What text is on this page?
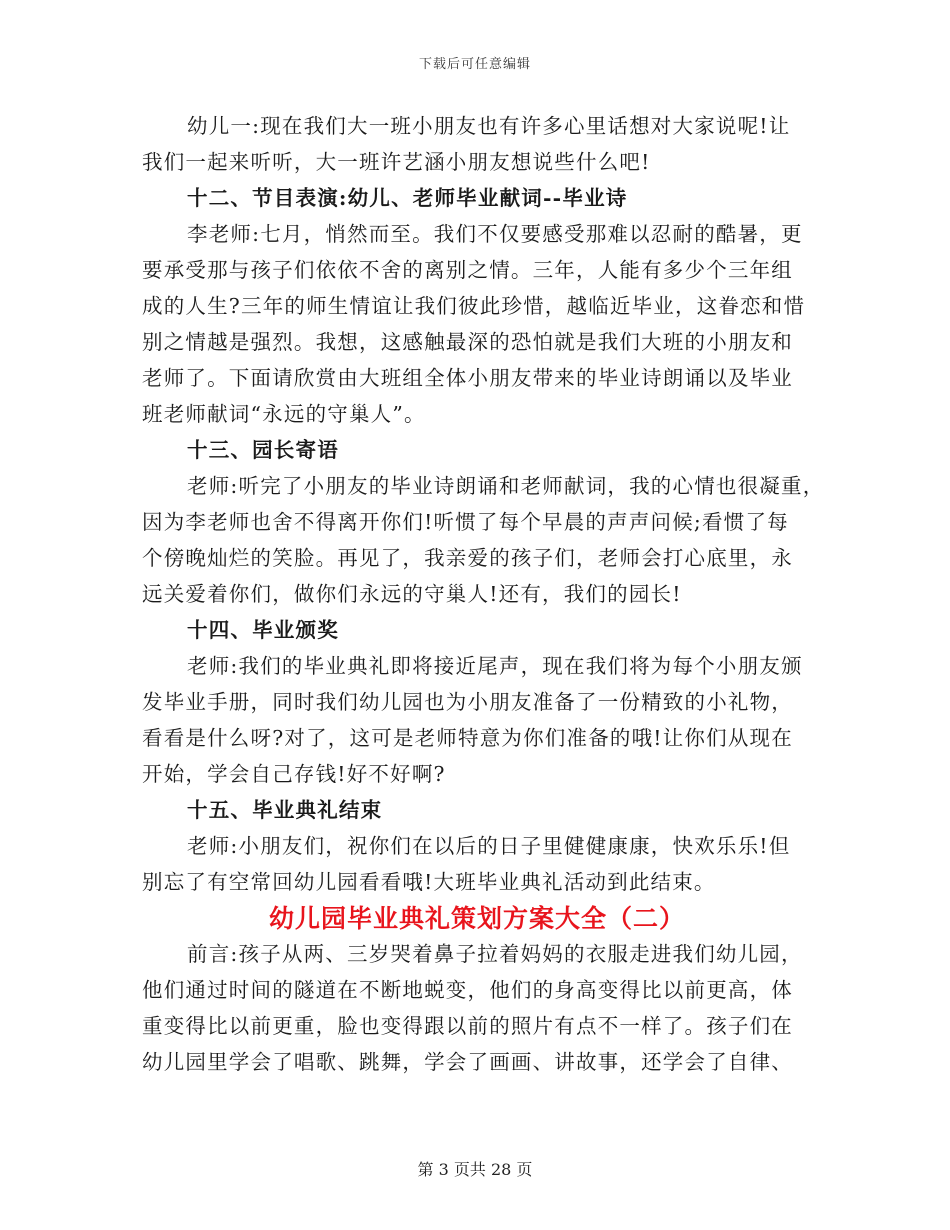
下载后可任意编辑
幼儿一:现在我们大一班小朋友也有许多心里话想对大家说呢!让
我们一起来听听，大一班许艺涵小朋友想说些什么吧!
十二、节目表演:幼儿、老师毕业献词--毕业诗
李老师:七月，悄然而至。我们不仅要感受那难以忍耐的酷暑，更
要承受那与孩子们依依不舍的离别之情。三年，人能有多少个三年组
成的人生?三年的师生情谊让我们彼此珍惜，越临近毕业，这眷恋和惜
别之情越是强烈。我想，这感触最深的恐怕就是我们大班的小朋友和
老师了。下面请欣赏由大班组全体小朋友带来的毕业诗朗诵以及毕业
班老师献词“永远的守巢人”。
十三、园长寄语
老师:听完了小朋友的毕业诗朗诵和老师献词，我的心情也很凝重，
因为李老师也舍不得离开你们!听惯了每个早晨的声声问候;看惯了每
个傍晚灿烂的笑脸。再见了，我亲爱的孩子们，老师会打心底里，永
远关爱着你们，做你们永远的守巢人!还有，我们的园长!
十四、毕业颁奖
老师:我们的毕业典礼即将接近尾声，现在我们将为每个小朋友颁
发毕业手册，同时我们幼儿园也为小朋友准备了一份精致的小礼物，
看看是什么呀?对了，这可是老师特意为你们准备的哦!让你们从现在
开始，学会自己存钱!好不好啊?
十五、毕业典礼结束
老师:小朋友们，祝你们在以后的日子里健健康康，快欢乐乐!但
别忘了有空常回幼儿园看看哦!大班毕业典礼活动到此结束。
幼儿园毕业典礼策划方案大全（二）
前言:孩子从两、三岁哭着鼻子拉着妈妈的衣服走进我们幼儿园，
他们通过时间的隧道在不断地蜕变，他们的身高变得比以前更高，体
重变得比以前更重，脸也变得跟以前的照片有点不一样了。孩子们在
幼儿园里学会了唱歌、跳舞，学会了画画、讲故事，还学会了自律、
第 3 页共 28 页
